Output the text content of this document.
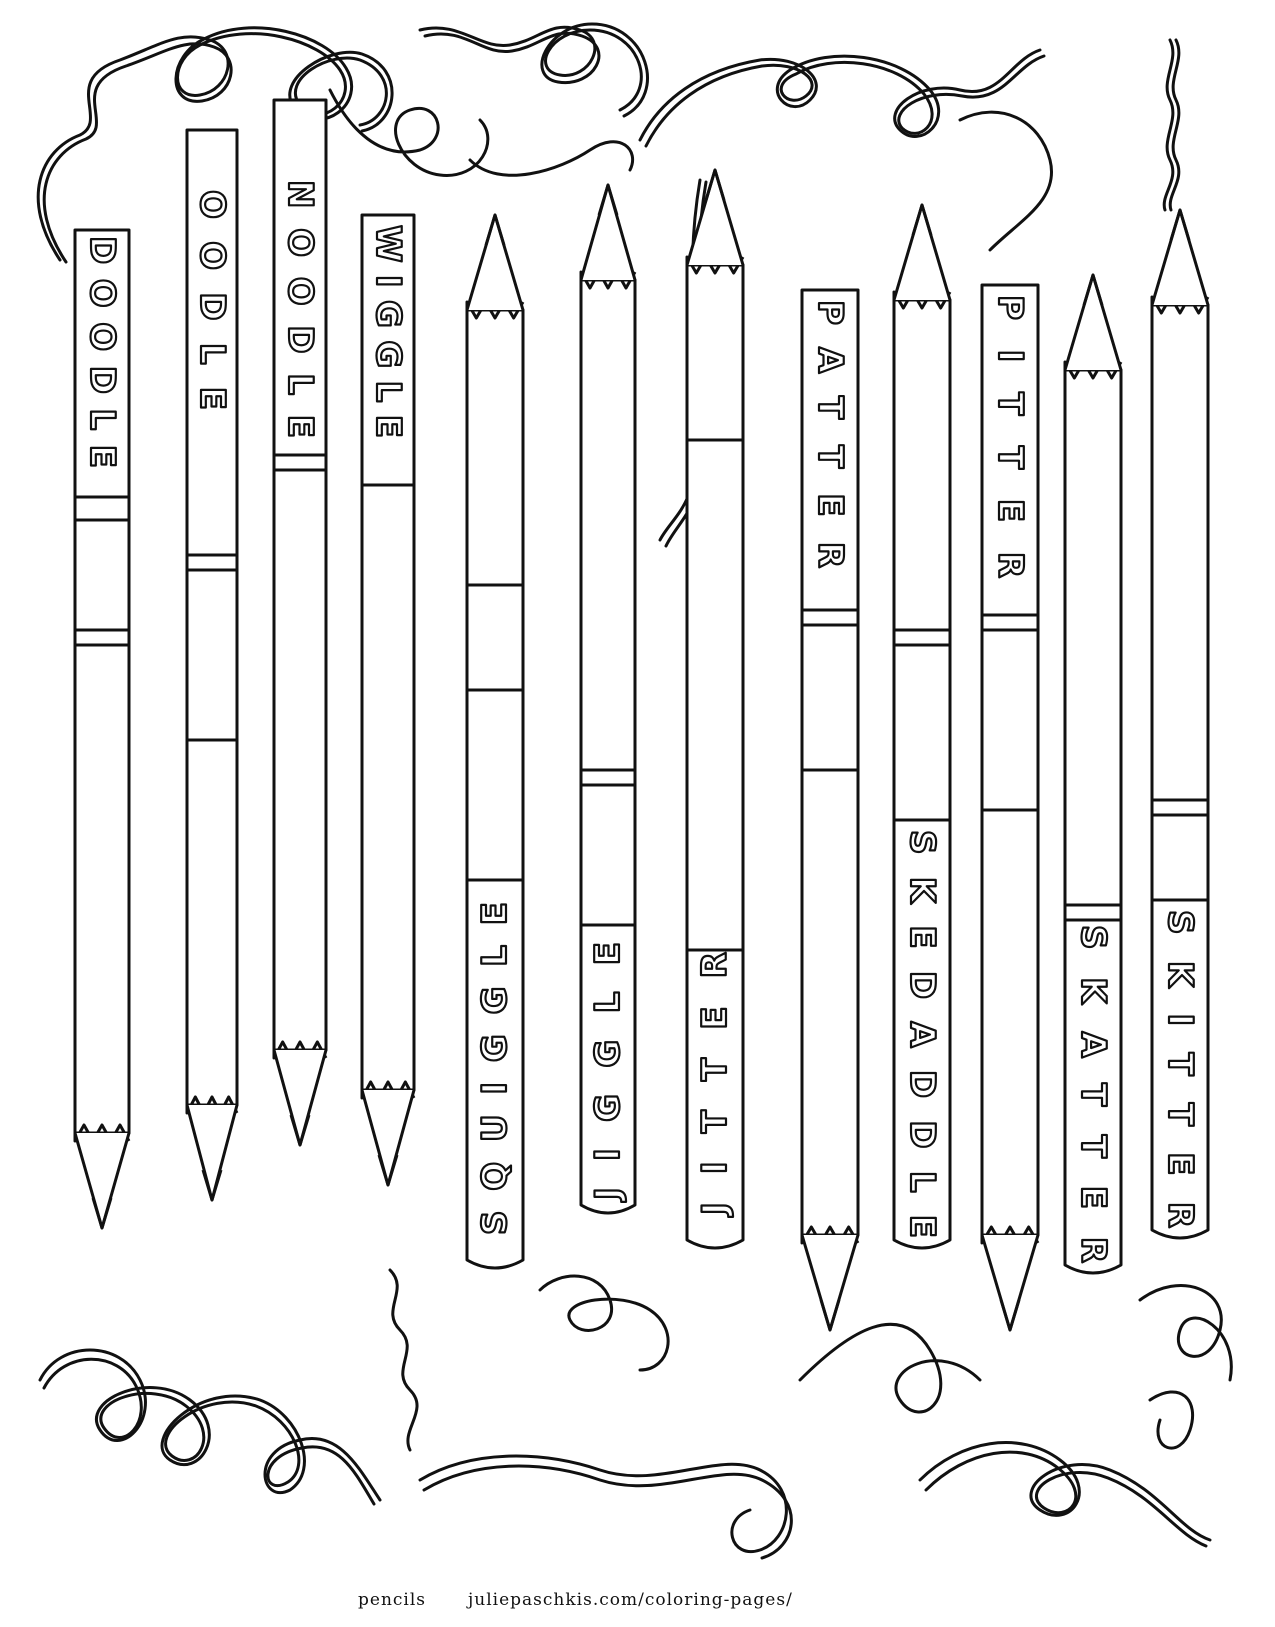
DOODLE
OODLE
NOODLE
WIGGLE
SQUIGGLE
JIGGLE
JITTER
PATTER
SKEDADDLE
PITTER
SKATTER
SKITTER
pencils juliepaschkis.com/coloring-pages/
